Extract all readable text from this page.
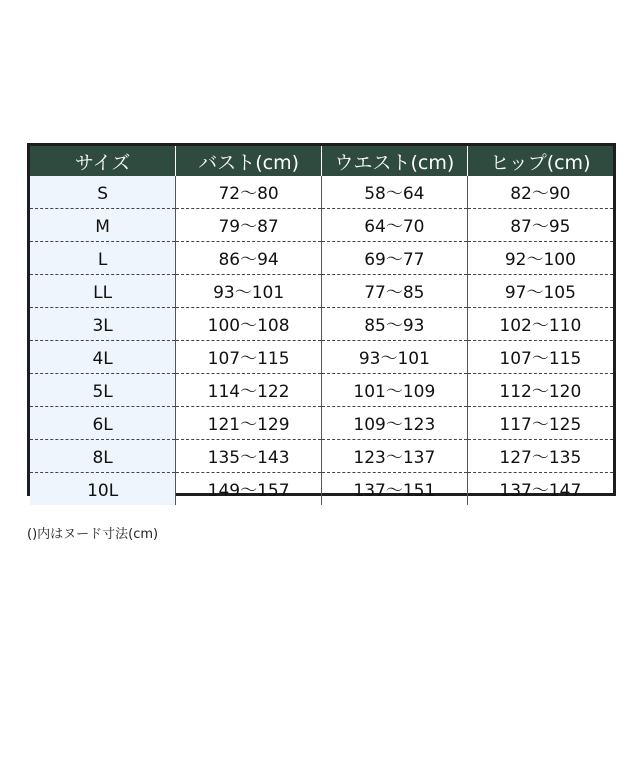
サイズ	バスト(cm)	ウエスト(cm)	ヒップ(cm)
S	72〜80	58〜64	82〜90
M	79〜87	64〜70	87〜95
L	86〜94	69〜77	92〜100
LL	93〜101	77〜85	97〜105
3L	100〜108	85〜93	102〜110
4L	107〜115	93〜101	107〜115
5L	114〜122	101〜109	112〜120
6L	121〜129	109〜123	117〜125
8L	135〜143	123〜137	127〜135
10L	149〜157	137〜151	137〜147
()内はヌード寸法(cm)
